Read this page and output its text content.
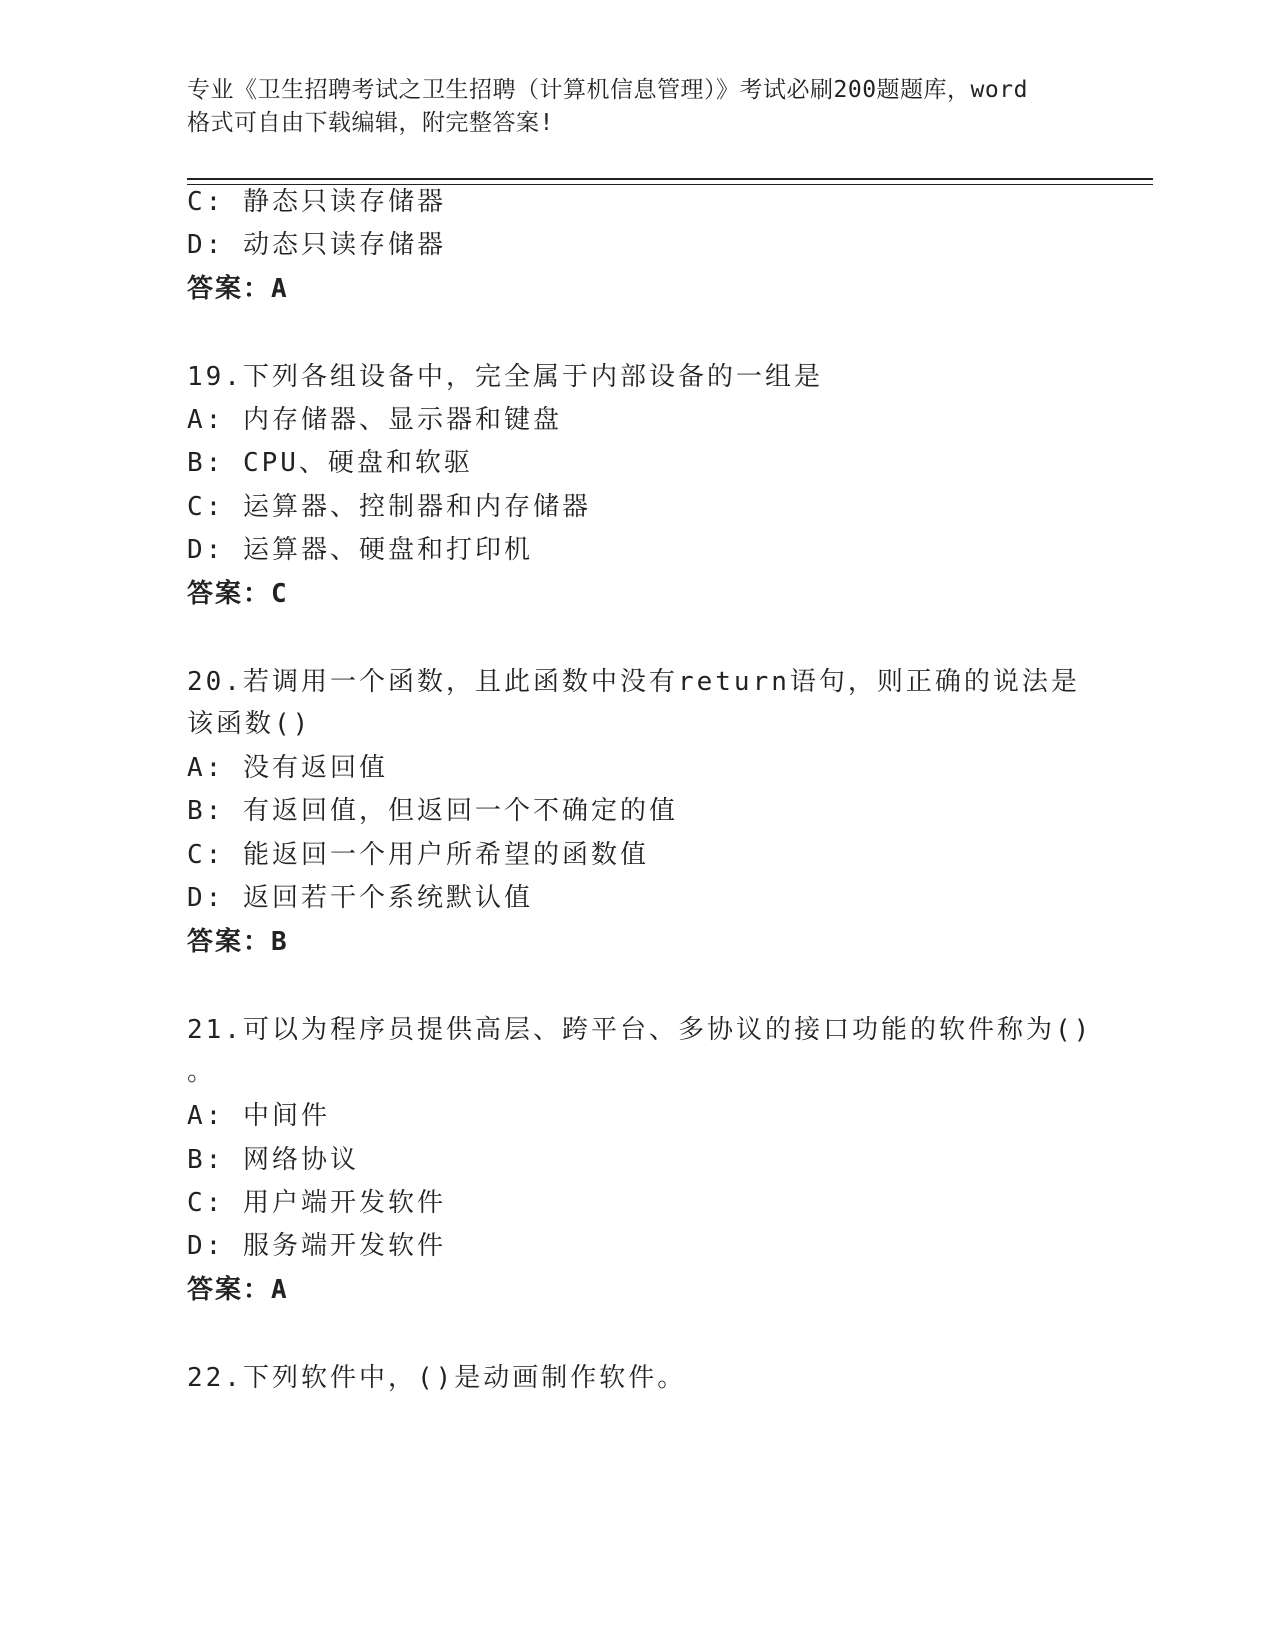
专业《卫生招聘考试之卫生招聘（计算机信息管理）》考试必刷200题题库，word
格式可自由下载编辑，附完整答案!
C: 静态只读存储器
D: 动态只读存储器
答案：A
19.下列各组设备中，完全属于内部设备的一组是
A: 内存储器、显示器和键盘
B: CPU、硬盘和软驱
C: 运算器、控制器和内存储器
D: 运算器、硬盘和打印机
答案：C
20.若调用一个函数，且此函数中没有return语句，则正确的说法是
该函数()
A: 没有返回值
B: 有返回值，但返回一个不确定的值
C: 能返回一个用户所希望的函数值
D: 返回若干个系统默认值
答案：B
21.可以为程序员提供高层、跨平台、多协议的接口功能的软件称为()
。
A: 中间件
B: 网络协议
C: 用户端开发软件
D: 服务端开发软件
答案：A
22.下列软件中，()是动画制作软件。
